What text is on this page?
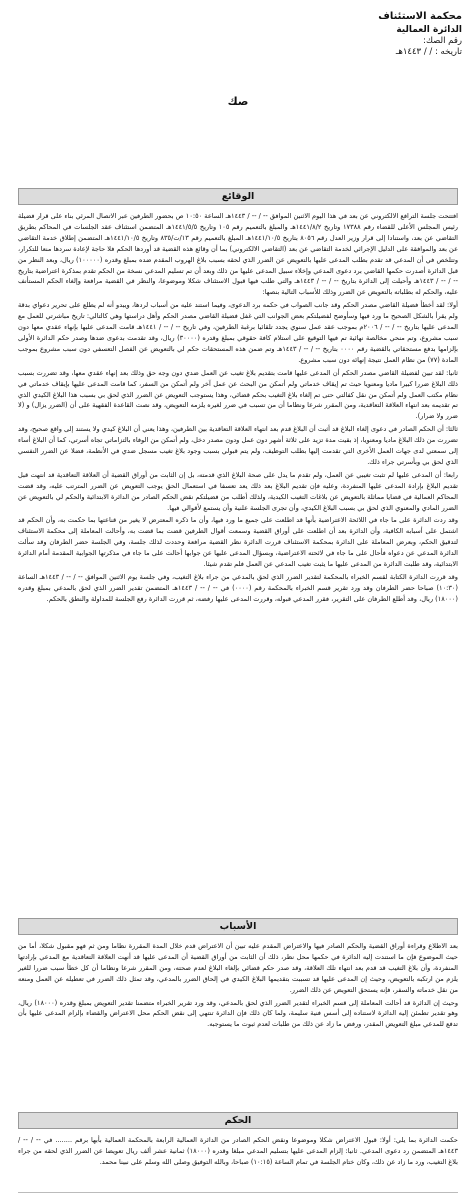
محكمة الاستئناف
الدائرة العمالية
رقم الصك:
تاريخه : / / ١٤٤٣هـ
صك
الوقائع

افتتحت جلسة الترافع الالكتروني عن بعد في هذا اليوم الاثنين الموافق -- / -- / ١٤٤٣هـ الساعة ١٠:٥٠ ص بحضور الطرفين عبر الاتصال المرئي بناء على قرار فضيلة رئيس المجلس الأعلى للقضاء رقم ١٧٣٨٨ وتاريخ ١٤٤١/٨/٢هـ والمبلغ بالتعميم رقم ١٠٥ وتاريخ ١٤٤١/٥/٥هـ المتضمن استئناف عقد الجلسات في المحاكم بطريق التقاضي عن بعد، واستنادا إلى قرار وزير العدل رقم ٨٠٥٦ بتاريخ ١٤٤١/١٠/٥هـ المبلغ بالتعميم رقم ١٣/ت/٨٣٥ وتاريخ ١٤٤١/١٠/٥هـ المتضمن إطلاق خدمة التقاضي عن بعد والموافقة على الدليل الإجرائي لخدمة التقاضي عن بعد (التقاضي الالكتروني) بما أن وقائع هذه القضية قد أوردها الحكم فلا حاجة لإعادة سردها منعا للتكرار، وتتلخص في أن المدعي قد تقدم بطلب المدعى عليها بالتعويض عن الضرر الذي لحقه بسبب بلاغ الهروب المقدم ضده بمبلغ وقدره (١٠٠٠٠٠) ريال، وبعد النظر من قبل الدائرة أصدرت حكمها القاضي برد دعوى المدعي وإخلاء سبيل المدعى عليها من ذلك وبعد أن تم تسليم المدعي نسخة من الحكم تقدم بمذكرة اعتراضية بتاريخ -- / -- / ١٤٤٣هـ وأحيلت إلى الدائرة بتاريخ -- / -- / ١٤٤٣هـ والتي طلب فيها قبول الاستئناف شكلا وموضوعا، والنظر في القضية مرافعة وإلغاء الحكم المستأنف عليه، والحكم له بطلباته بالتعويض عن الضرر وذلك للأسباب التالية بنصها:

أولا: لقد أخطأ فضيلة القاضي مصدر الحكم وقد جانب الصواب في حكمه برد الدعوى، وفيما استند عليه من أسباب لردها، ويبدو أنه لم يطلع على تحرير دعواي بدقة ولم يقرأ بالشكل الصحيح ما ورد فيها وسأوضح لفضيلتكم بعض الجوانب التي غفل فضيلة القاضي مصدر الحكم وأهل دراستها وهي كالتالي: تاريخ مباشرتي للعمل مع المدعى عليها بتاريخ -- / -- / ٢٠٠٦م بموجب عقد عمل سنوي يجدد تلقائيا برغبة الطرفين، وفي تاريخ -- / -- / ١٤٤١هـ قامت المدعى عليها بإنهاء عقدي معها دون سبب مشروع، وتم منحي مخالصة نهائية تم فيها التوقيع على استلام كافة حقوقي بمبلغ وقدره (٣٠٠٠٠) ريال، وقد تقدمت بدعوى ضدها وصدر حكم الدائرة الأولى بإلزامها بدفع مستحقاتي بالقضية رقم ٠٠٠٠ بتاريخ -- / -- / ١٤٤٣هـ وتم ضمن هذه المستحقات حكم لي بالتعويض عن الفصل التعسفي دون سبب مشروع بموجب المادة (٧٧) من نظام العمل نتيجة إنهائه دون سبب مشروع.

ثانيا: لقد تبين لفضيلة القاضي مصدر الحكم أن المدعى عليها قامت بتقديم بلاغ تغيب عن العمل ضدي دون وجه حق وذلك بعد إنهاء عقدي معها، وقد تضررت بسبب ذلك البلاغ ضررا كبيرا ماديا ومعنويا حيث تم إيقاف خدماتي ولم أتمكن من البحث عن عمل آخر ولم أتمكن من السفر، كما قامت المدعى عليها بإيقاف خدماتي في نظام مكتب العمل ولم أتمكن من نقل كفالتي حتى تم إلغاء بلاغ التغيب بحكم قضائي، وهذا يستوجب التعويض عن الضرر الذي لحق بي بسبب هذا البلاغ الكيدي الذي تم تقديمه بعد انتهاء العلاقة التعاقدية، ومن المقرر شرعا ونظاما أن من تسبب في ضرر لغيره يلزمه التعويض، وقد نصت القاعدة الفقهية على أن (الضرر يزال) و (لا ضرر ولا ضرار).

ثالثا: أن الحكم الصادر في دعوى إلغاء البلاغ قد أثبت أن البلاغ قدم بعد انتهاء العلاقة التعاقدية بين الطرفين، وهذا يعني أن البلاغ كيدي ولا يستند إلى واقع صحيح، وقد تضررت من ذلك البلاغ ماديا ومعنويا، إذ بقيت مدة تزيد على ثلاثة أشهر دون عمل ودون مصدر دخل، ولم أتمكن من الوفاء بالتزاماتي تجاه أسرتي، كما أن البلاغ أساء إلى سمعتي لدى جهات العمل الأخرى التي تقدمت إليها بطلب التوظيف، ولم يتم قبولي بسبب وجود بلاغ تغيب مسجل ضدي في الأنظمة، فضلا عن الضرر النفسي الذي لحق بي وبأسرتي جراء ذلك.

رابعا: أن المدعى عليها لم تثبت تغيبي عن العمل، ولم تقدم ما يدل على صحة البلاغ الذي قدمته، بل إن الثابت من أوراق القضية أن العلاقة التعاقدية قد انتهت قبل تقديم البلاغ بإرادة المدعى عليها المنفردة، وعليه فإن تقديم البلاغ بعد ذلك يعد تعسفا في استعمال الحق يوجب التعويض عن الضرر المترتب عليه، وقد قضت المحاكم العمالية في قضايا مماثلة بالتعويض عن بلاغات التغيب الكيدية، ولذلك أطلب من فضيلتكم نقض الحكم الصادر من الدائرة الابتدائية والحكم لي بالتعويض عن الضرر المادي والمعنوي الذي لحق بي بسبب البلاغ الكيدي، وأن تجرى الجلسة علنية وأن يستمع لأقوالي فيها.

وقد ردت الدائرة على ما جاء في اللائحة الاعتراضية بأنها قد اطلعت على جميع ما ورد فيها، وأن ما ذكره المعترض لا يغير من قناعتها بما حكمت به، وأن الحكم قد اشتمل على أسبابه الكافية، وأن الدائرة بعد أن اطلعت على أوراق القضية وسمعت أقوال الطرفين قضت بما قضت به، وأحالت المعاملة إلى محكمة الاستئناف لتدقيق الحكم، وبعرض المعاملة على الدائرة بمحكمة الاستئناف قررت الدائرة نظر القضية مرافعة وحددت لذلك جلسة، وفي الجلسة حضر الطرفان وقد سألت الدائرة المدعي عن دعواه فأحال على ما جاء في لائحته الاعتراضية، وبسؤال المدعى عليها عن جوابها أحالت على ما جاء في مذكرتها الجوابية المقدمة أمام الدائرة الابتدائية، وقد طلبت الدائرة من المدعى عليها ما يثبت تغيب المدعي عن العمل فلم تقدم شيئا.

وقد قررت الدائرة الكتابة لقسم الخبراء بالمحكمة لتقدير الضرر الذي لحق بالمدعي من جراء بلاغ التغيب، وفي جلسة يوم الاثنين الموافق -- / -- / ١٤٤٣هـ الساعة (١٠:٣٠) صباحا حضر الطرفان وقد ورد تقرير قسم الخبراء بالمحكمة رقم (٠٠٠٠) في -- / -- / ١٤٤٣هـ المتضمن تقدير الضرر الذي لحق بالمدعي بمبلغ وقدره (١٨٠٠٠) ريال، وقد أطلع الطرفان على التقرير، فقرر المدعي قبوله، وقررت المدعى عليها رفضه، ثم قررت الدائرة رفع الجلسة للمداولة والنطق بالحكم.

الأسباب

بعد الاطلاع وقراءة أوراق القضية والحكم الصادر فيها والاعتراض المقدم عليه تبين أن الاعتراض قدم خلال المدة المقررة نظاما ومن ثم فهو مقبول شكلا، أما من حيث الموضوع فإن ما استندت إليه الدائرة في حكمها محل نظر، ذلك أن الثابت من أوراق القضية أن المدعى عليها قد أنهت العلاقة التعاقدية مع المدعي بإرادتها المنفردة، وأن بلاغ التغيب قد قدم بعد انتهاء تلك العلاقة، وقد صدر حكم قضائي بإلغاء البلاغ لعدم صحته، ومن المقرر شرعا ونظاما أن كل خطأ سبب ضررا للغير يلزم من ارتكبه بالتعويض، وحيث إن المدعى عليها قد تسببت بتقديمها البلاغ الكيدي في إلحاق الضرر بالمدعي، وقد تمثل ذلك الضرر في تعطيله عن العمل ومنعه من نقل خدماته والسفر، فإنه يستحق التعويض عن ذلك الضرر.

وحيث إن الدائرة قد أحالت المعاملة إلى قسم الخبراء لتقدير الضرر الذي لحق بالمدعي، وقد ورد تقرير الخبراء متضمنا تقدير التعويض بمبلغ وقدره (١٨٠٠٠) ريال، وهو تقدير تطمئن إليه الدائرة لاستناده إلى أسس فنية سليمة، ولما كان ذلك فإن الدائرة تنتهي إلى نقض الحكم محل الاعتراض والقضاء بإلزام المدعى عليها بأن تدفع للمدعي مبلغ التعويض المقدر، ورفض ما زاد عن ذلك من طلبات لعدم ثبوت ما يستوجبه.

الحكم

حكمت الدائرة بما يلي: أولا: قبول الاعتراض شكلا وموضوعا ونقض الحكم الصادر من الدائرة العمالية الرابعة بالمحكمة العمالية بأبها برقم ........ في -- / -- / ١٤٤٣هـ المتضمن رد دعوى المدعي. ثانيا: إلزام المدعى عليها بتسليم المدعي مبلغا وقدره (١٨٠٠٠) ثمانية عشر ألف ريال تعويضا عن الضرر الذي لحقه من جراء بلاغ التغيب، ورد ما زاد عن ذلك، وكان ختام الجلسة في تمام الساعة (١٠:١٥) صباحا، وبالله التوفيق وصلى الله وسلم على نبينا محمد.
